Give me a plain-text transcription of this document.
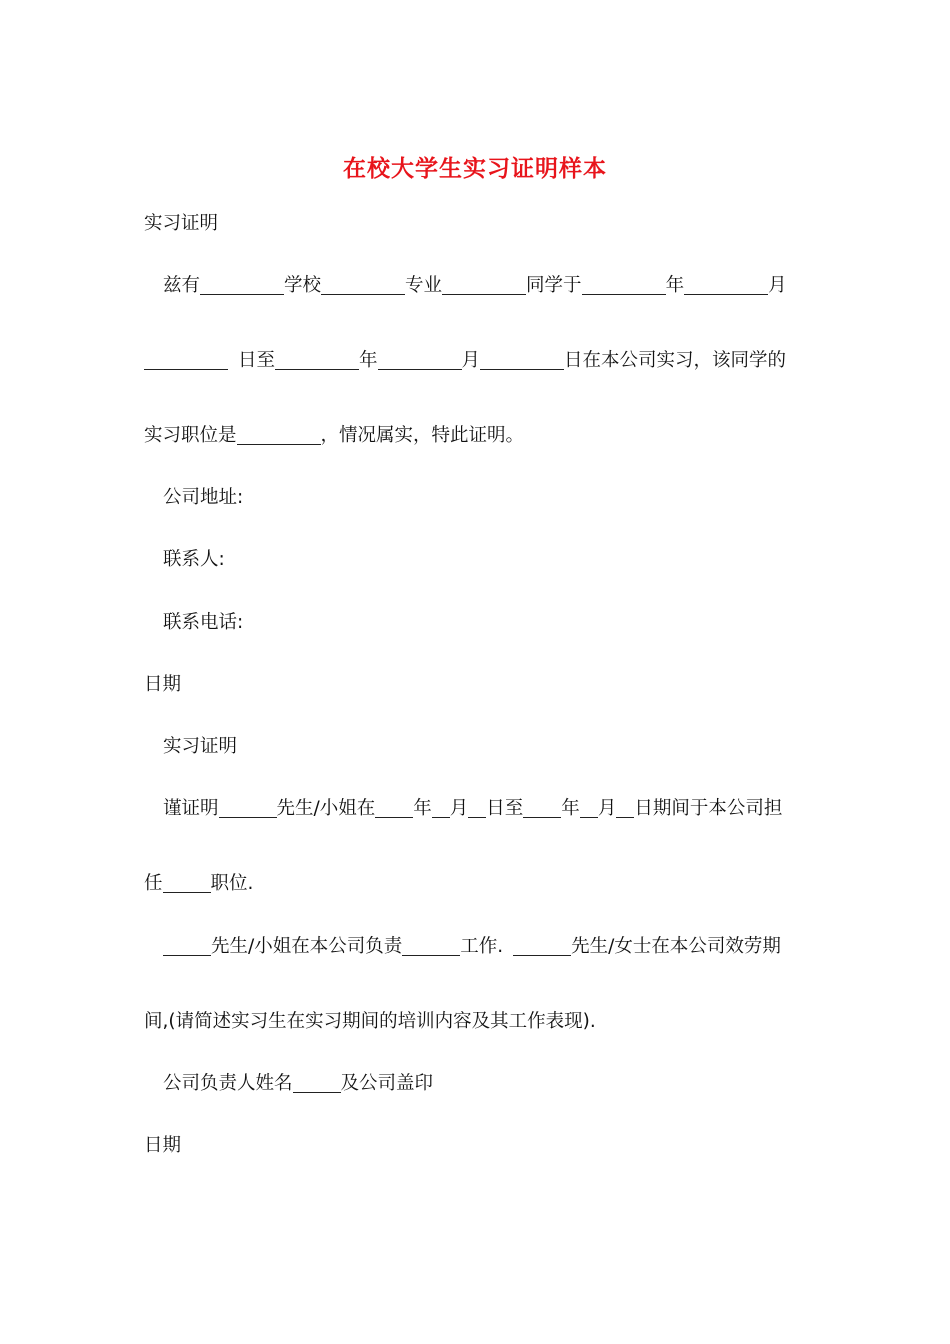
在校大学生实习证明样本
实习证明
兹有	学校	专业	同学于	年	月
日至	年	月	日在本公司实习，该同学的
实习职位是	，情况属实，特此证明。
公司地址:
联系人:
联系电话:
日期
实习证明
谨证明	先生/小姐在 年 月 日至 年 月 日期间于本公司担
任	职位.
先生/小姐在本公司负责	工作.	先生/女士在本公司效劳期
间,(请简述实习生在实习期间的培训内容及其工作表现).
公司负责人姓名	及公司盖印
日期
